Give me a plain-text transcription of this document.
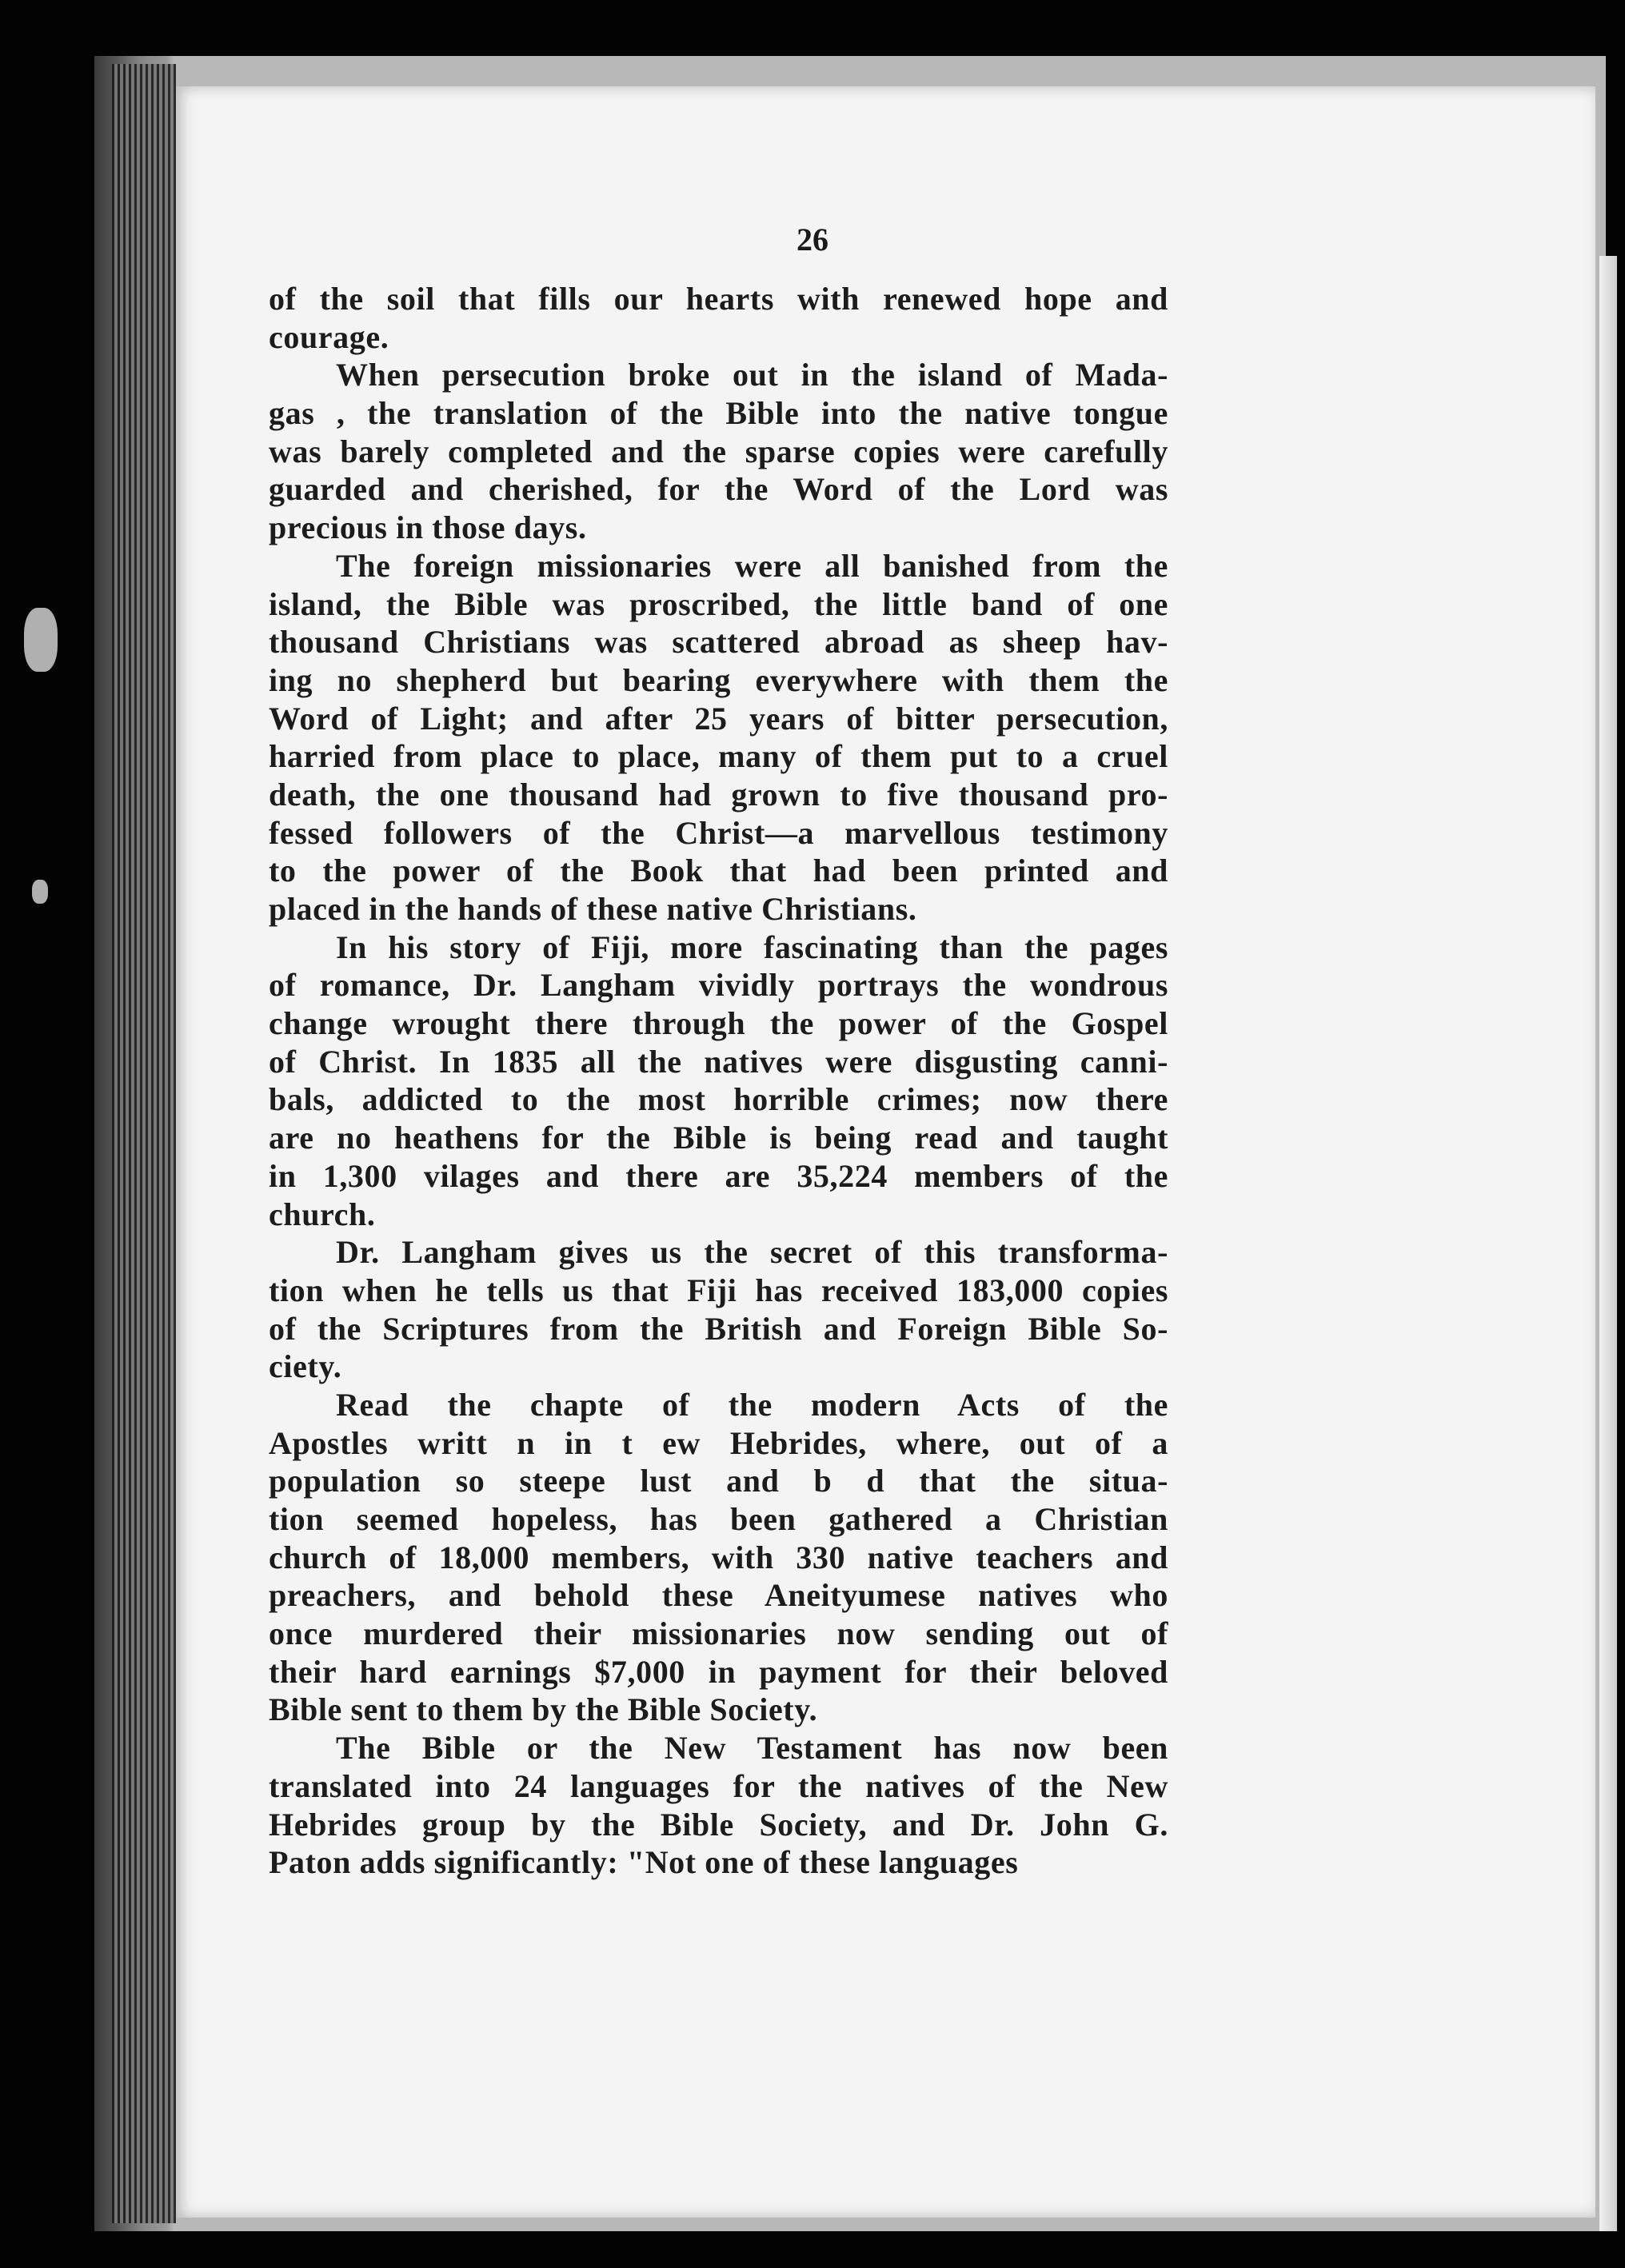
26
of the soil that fills our hearts with renewed hope and
courage.
When persecution broke out in the island of Mada-
gas , the translation of the Bible into the native tongue
was barely completed and the sparse copies were carefully
guarded and cherished, for the Word of the Lord was
precious in those days.
The foreign missionaries were all banished from the
island, the Bible was proscribed, the little band of one
thousand Christians was scattered abroad as sheep hav-
ing no shepherd but bearing everywhere with them the
Word of Light; and after 25 years of bitter persecution,
harried from place to place, many of them put to a cruel
death, the one thousand had grown to five thousand pro-
fessed followers of the Christ—a marvellous testimony
to the power of the Book that had been printed and
placed in the hands of these native Christians.
In his story of Fiji, more fascinating than the pages
of romance, Dr. Langham vividly portrays the wondrous
change wrought there through the power of the Gospel
of Christ. In 1835 all the natives were disgusting canni-
bals, addicted to the most horrible crimes; now there
are no heathens for the Bible is being read and taught
in 1,300 vilages and there are 35,224 members of the
church.
Dr. Langham gives us the secret of this transforma-
tion when he tells us that Fiji has received 183,000 copies
of the Scriptures from the British and Foreign Bible So-
ciety.
Read the chapte of the modern Acts of the
Apostles writt n in t ew Hebrides, where, out of a
population so steepe lust and b d that the situa-
tion seemed hopeless, has been gathered a Christian
church of 18,000 members, with 330 native teachers and
preachers, and behold these Aneityumese natives who
once murdered their missionaries now sending out of
their hard earnings $7,000 in payment for their beloved
Bible sent to them by the Bible Society.
The Bible or the New Testament has now been
translated into 24 languages for the natives of the New
Hebrides group by the Bible Society, and Dr. John G.
Paton adds significantly: "Not one of these languages
